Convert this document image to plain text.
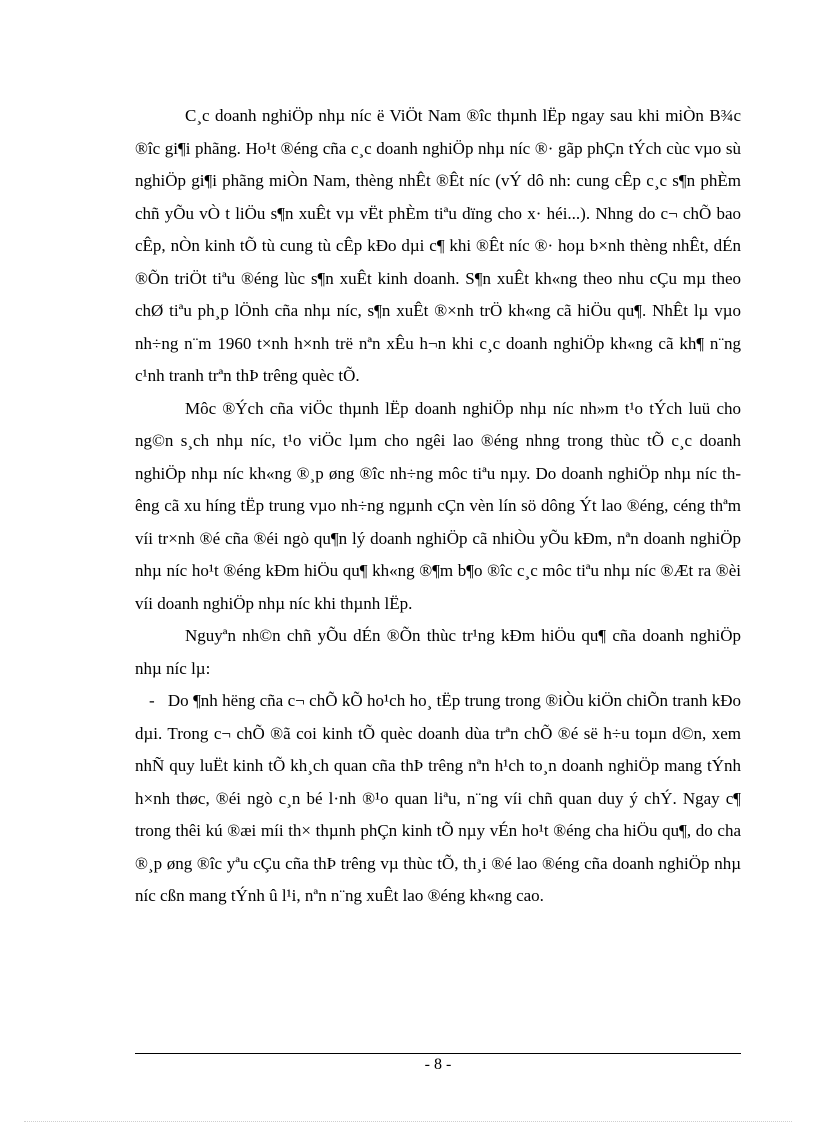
C¸c doanh nghiÖp nhµ níc ë ViÖt Nam ®îc thµnh lËp ngay sau khi miÒn B¾c ®îc gi¶i phãng. Ho¹t ®éng cña c¸c doanh nghiÖp nhµ níc ®· gãp phÇn tÝch cùc vµo sù nghiÖp gi¶i phãng miÒn Nam, thèng nhÊt ®Êt níc (vÝ dô nh: cung cÊp c¸c s¶n phÈm chñ yÕu vÒ t liÖu s¶n xuÊt vµ vËt phÈm tiªu dïng cho x· héi...). Nhng do c¬ chÕ bao cÊp, nÒn kinh tÕ tù cung tù cÊp kÐo dµi c¶ khi ®Êt níc ®· hoµ b×nh thèng nhÊt, dÉn ®Õn triÖt tiªu ®éng lùc s¶n xuÊt kinh doanh. S¶n xuÊt kh«ng theo nhu cÇu mµ theo chØ tiªu ph¸p lÖnh cña nhµ níc, s¶n xuÊt ®×nh trÖ kh«ng cã hiÖu qu¶. NhÊt lµ vµo nh÷ng n¨m 1960 t×nh h×nh trë nªn xÊu h¬n khi c¸c doanh nghiÖp kh«ng cã kh¶ n¨ng c¹nh tranh trªn thÞ trêng quèc tÕ.

Môc ®Ých cña viÖc thµnh lËp doanh nghiÖp nhµ níc nh»m t¹o tÝch luü cho ng©n s¸ch nhµ níc, t¹o viÖc lµm cho ngêi lao ®éng nhng trong thùc tÕ c¸c doanh nghiÖp nhµ níc kh«ng ®¸p øng ®îc nh÷ng môc tiªu nµy. Do doanh nghiÖp nhµ níc thêng cã xu híng tËp trung vµo nh÷ng ngµnh cÇn vèn lín sö dông Ýt lao ®éng, céng thªm víi tr×nh ®é cña ®éi ngò qu¶n lý doanh nghiÖp cã nhiÒu yÕu kÐm, nªn doanh nghiÖp nhµ níc ho¹t ®éng kÐm hiÖu qu¶ kh«ng ®¶m b¶o ®îc c¸c môc tiªu nhµ níc ®Æt ra ®èi víi doanh nghiÖp nhµ níc khi thµnh lËp.

Nguyªn nh©n chñ yÕu dÉn ®Õn thùc tr¹ng kÐm hiÖu qu¶ cña doanh nghiÖp nhµ níc lµ:

- Do ¶nh hëng cña c¬ chÕ kÕ ho¹ch ho¸ tËp trung trong ®iÒu kiÖn chiÕn tranh kÐo dµi. Trong c¬ chÕ ®ã coi kinh tÕ quèc doanh dùa trªn chÕ ®é së h÷u toµn d©n, xem nhÑ quy luËt kinh tÕ kh¸ch quan cña thÞ trêng nªn h¹ch to¸n doanh nghiÖp mang tÝnh h×nh thøc, ®éi ngò c¸n bé l·nh ®¹o quan liªu, n¨ng víi chñ quan duy ý chÝ. Ngay c¶ trong thêi kú ®æi míi th× thµnh phÇn kinh tÕ nµy vÉn ho¹t ®éng cha hiÖu qu¶, do cha ®¸p øng ®îc yªu cÇu cña thÞ trêng vµ thùc tÕ, th¸i ®é lao ®éng cña doanh nghiÖp nhµ níc cßn mang tÝnh û l¹i, nªn n¨ng xuÊt lao ®éng kh«ng cao.

- 8 -
